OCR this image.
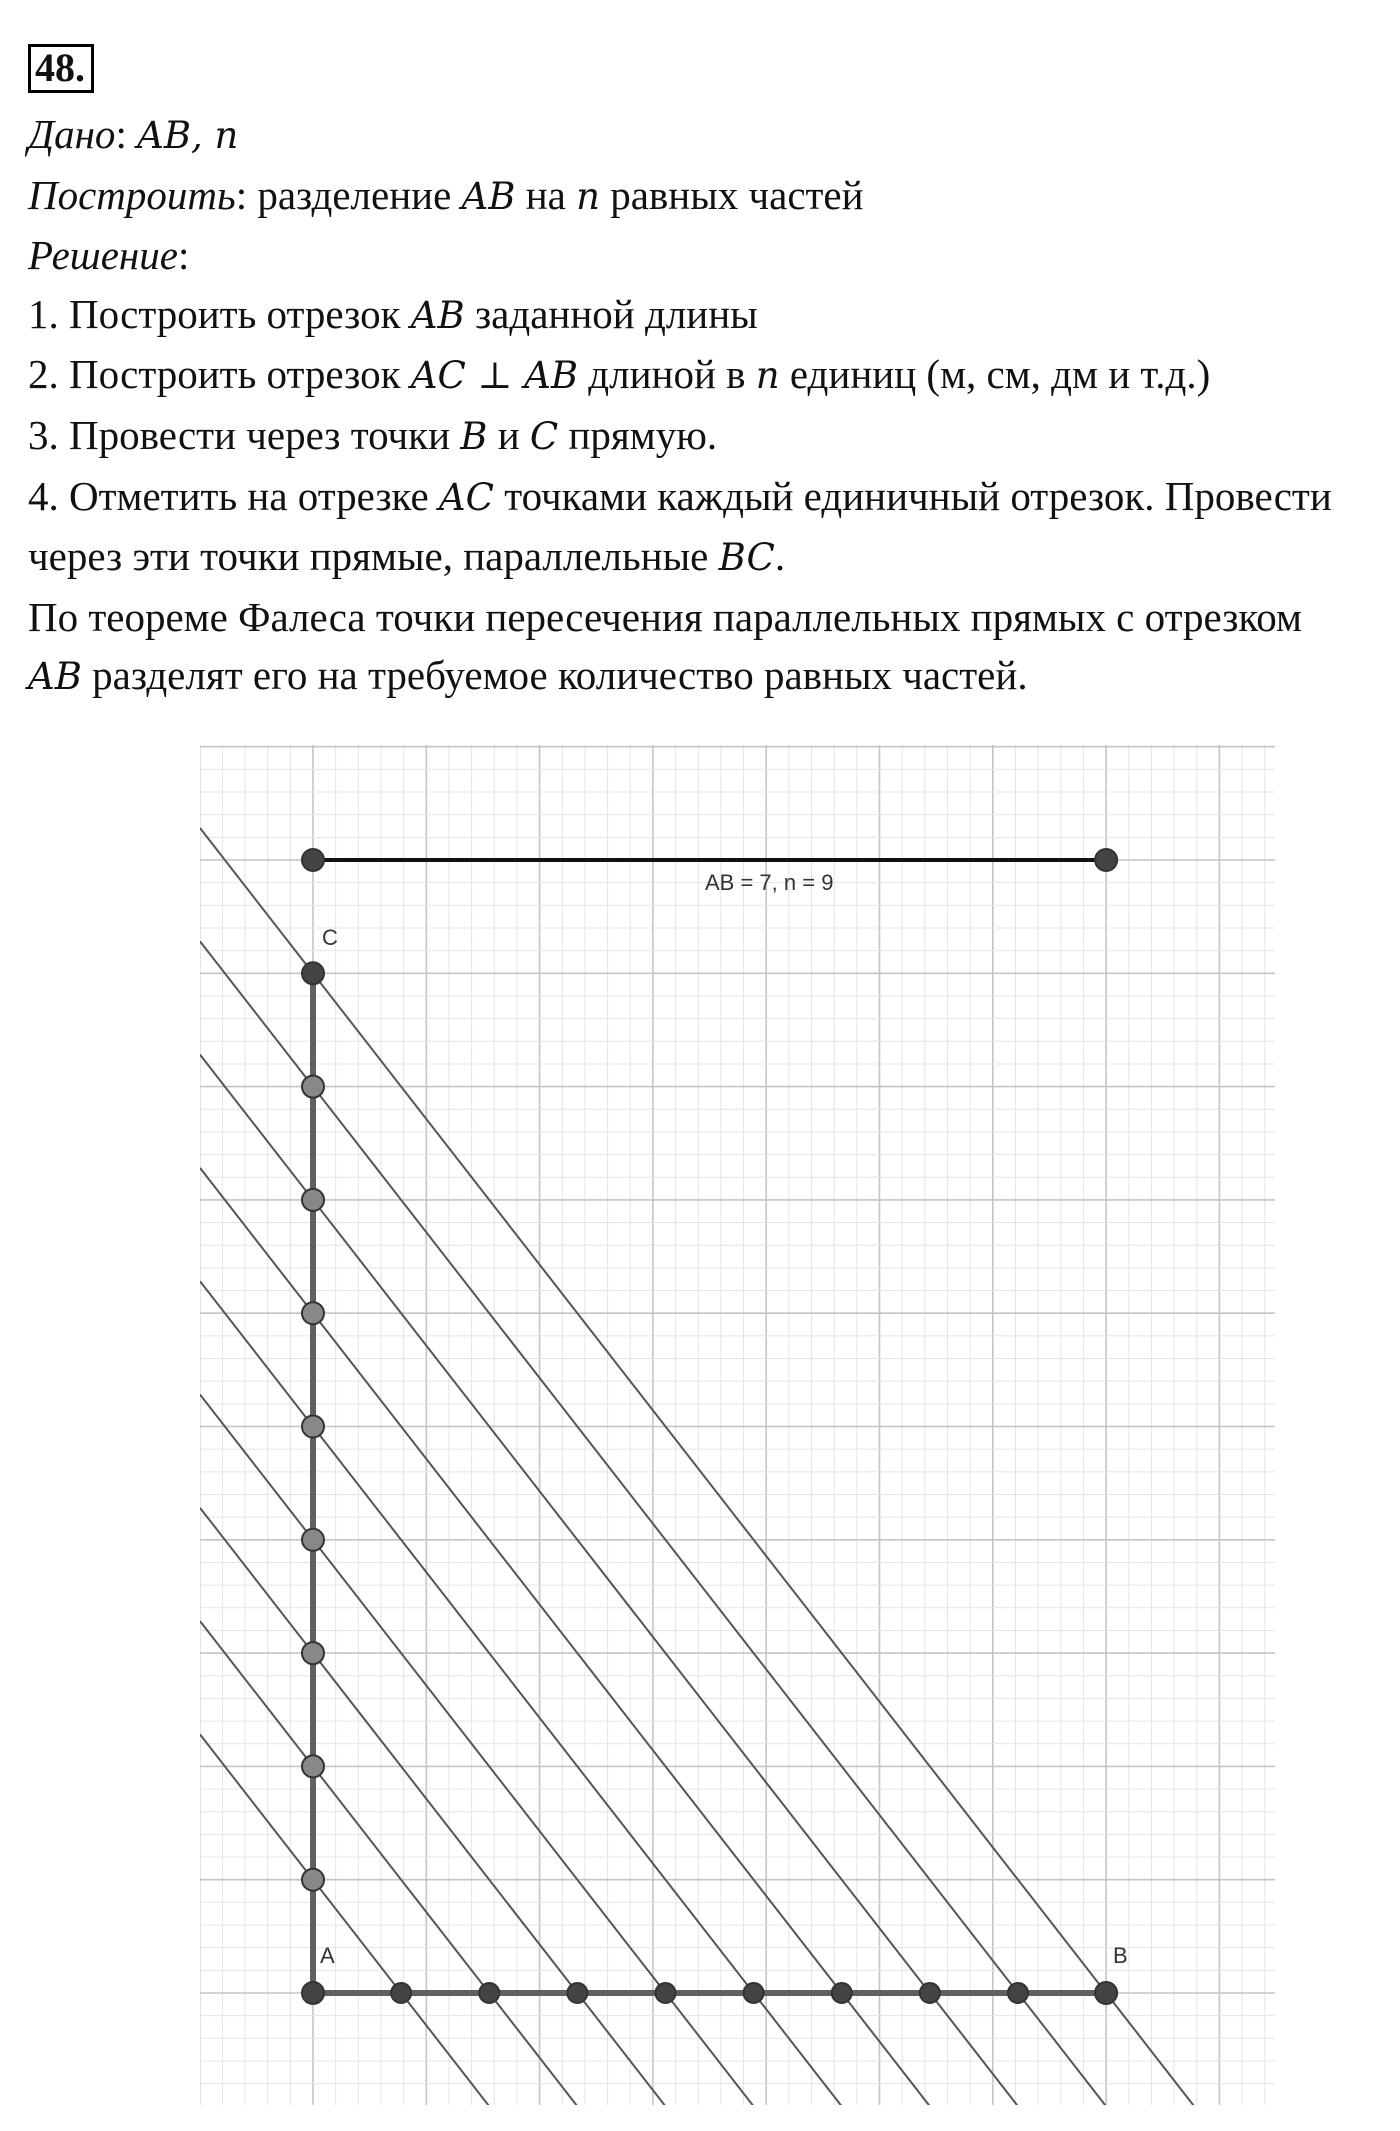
48.
Дано: AB, n
Построить: разделение AB на n равных частей
Решение:
1. Построить отрезок AB заданной длины
2. Построить отрезок AC ⊥ AB длиной в n единиц (м, см, дм и т.д.)
3. Провести через точки B и C прямую.
4. Отметить на отрезке AC точками каждый единичный отрезок. Провести
через эти точки прямые, параллельные BC.
По теореме Фалеса точки пересечения параллельных прямых с отрезком
AB разделят его на требуемое количество равных частей.
AB = 7, n = 9
C
A	B
